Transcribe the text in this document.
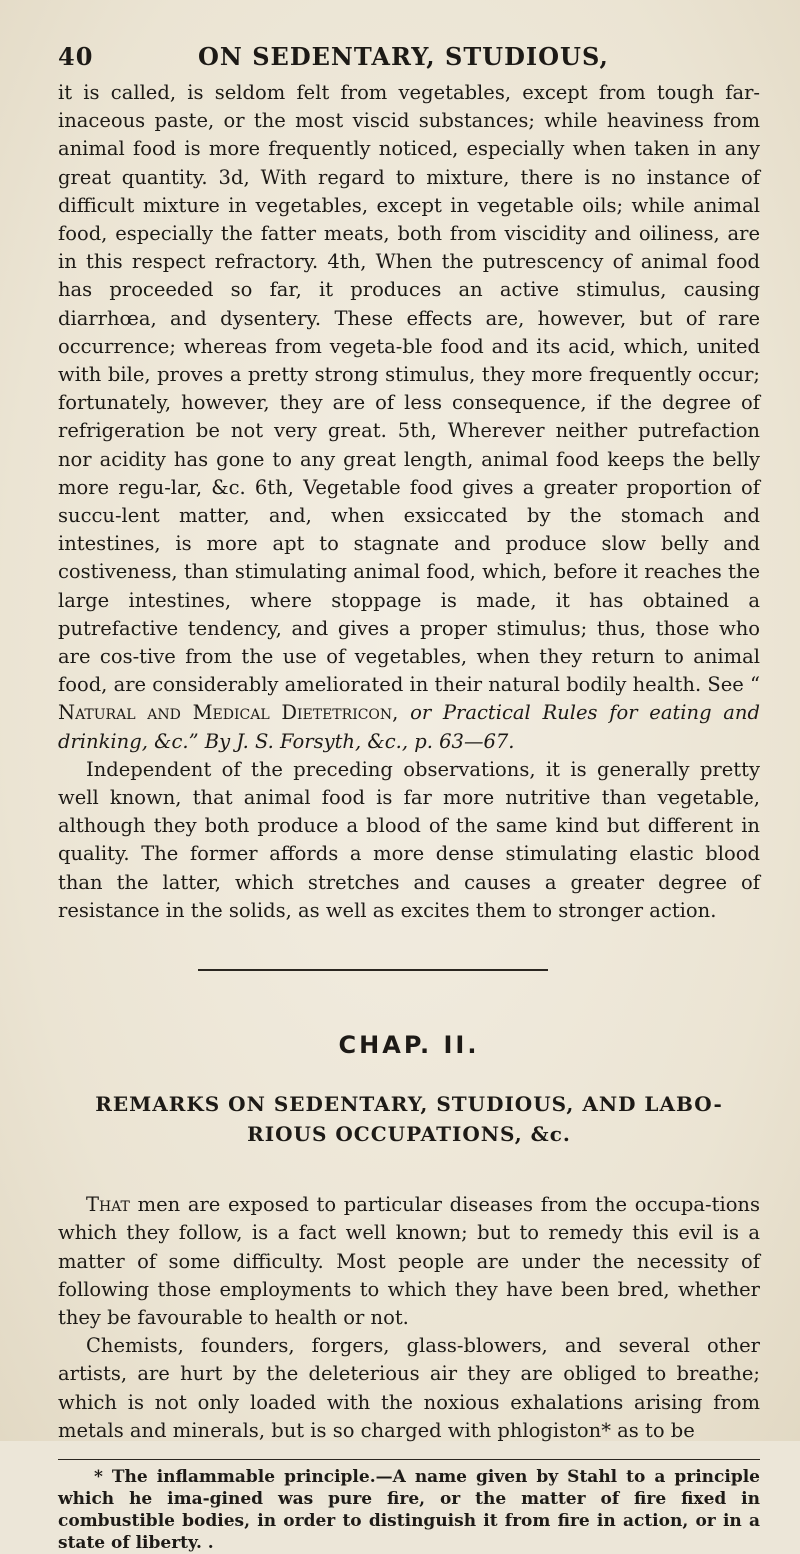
40	ON SEDENTARY, STUDIOUS,

it is called, is seldom felt from vegetables, except from tough far-inaceous paste, or the most viscid substances; while heaviness from animal food is more frequently noticed, especially when taken in any great quantity. 3d, With regard to mixture, there is no instance of difficult mixture in vegetables, except in vegetable oils; while animal food, especially the fatter meats, both from viscidity and oiliness, are in this respect refractory. 4th, When the putrescency of animal food has proceeded so far, it produces an active stimulus, causing diarrhœa, and dysentery. These effects are, however, but of rare occurrence; whereas from vegeta-ble food and its acid, which, united with bile, proves a pretty strong stimulus, they more frequently occur; fortunately, however, they are of less consequence, if the degree of refrigeration be not very great. 5th, Wherever neither putrefaction nor acidity has gone to any great length, animal food keeps the belly more regu-lar, &c. 6th, Vegetable food gives a greater proportion of succu-lent matter, and, when exsiccated by the stomach and intestines, is more apt to stagnate and produce slow belly and costiveness, than stimulating animal food, which, before it reaches the large intestines, where stoppage is made, it has obtained a putrefactive tendency, and gives a proper stimulus; thus, those who are cos-tive from the use of vegetables, when they return to animal food, are considerably ameliorated in their natural bodily health. See “ Natural and Medical Dietetricon, or Practical Rules for eating and drinking, &c.” By J. S. Forsyth, &c., p. 63—67.

Independent of the preceding observations, it is generally pretty well known, that animal food is far more nutritive than vegetable, although they both produce a blood of the same kind but different in quality. The former affords a more dense stimulating elastic blood than the latter, which stretches and causes a greater degree of resistance in the solids, as well as excites them to stronger action.

CHAP. II.
REMARKS ON SEDENTARY, STUDIOUS, AND LABO-RIOUS OCCUPATIONS, &c.

That men are exposed to particular diseases from the occupa-tions which they follow, is a fact well known; but to remedy this evil is a matter of some difficulty. Most people are under the necessity of following those employments to which they have been bred, whether they be favourable to health or not.

Chemists, founders, forgers, glass-blowers, and several other artists, are hurt by the deleterious air they are obliged to breathe; which is not only loaded with the noxious exhalations arising from metals and minerals, but is so charged with phlogiston* as to be

* The inflammable principle.—A name given by Stahl to a principle which he ima-gined was pure fire, or the matter of fire fixed in combustible bodies, in order to distinguish it from fire in action, or in a state of liberty. .
